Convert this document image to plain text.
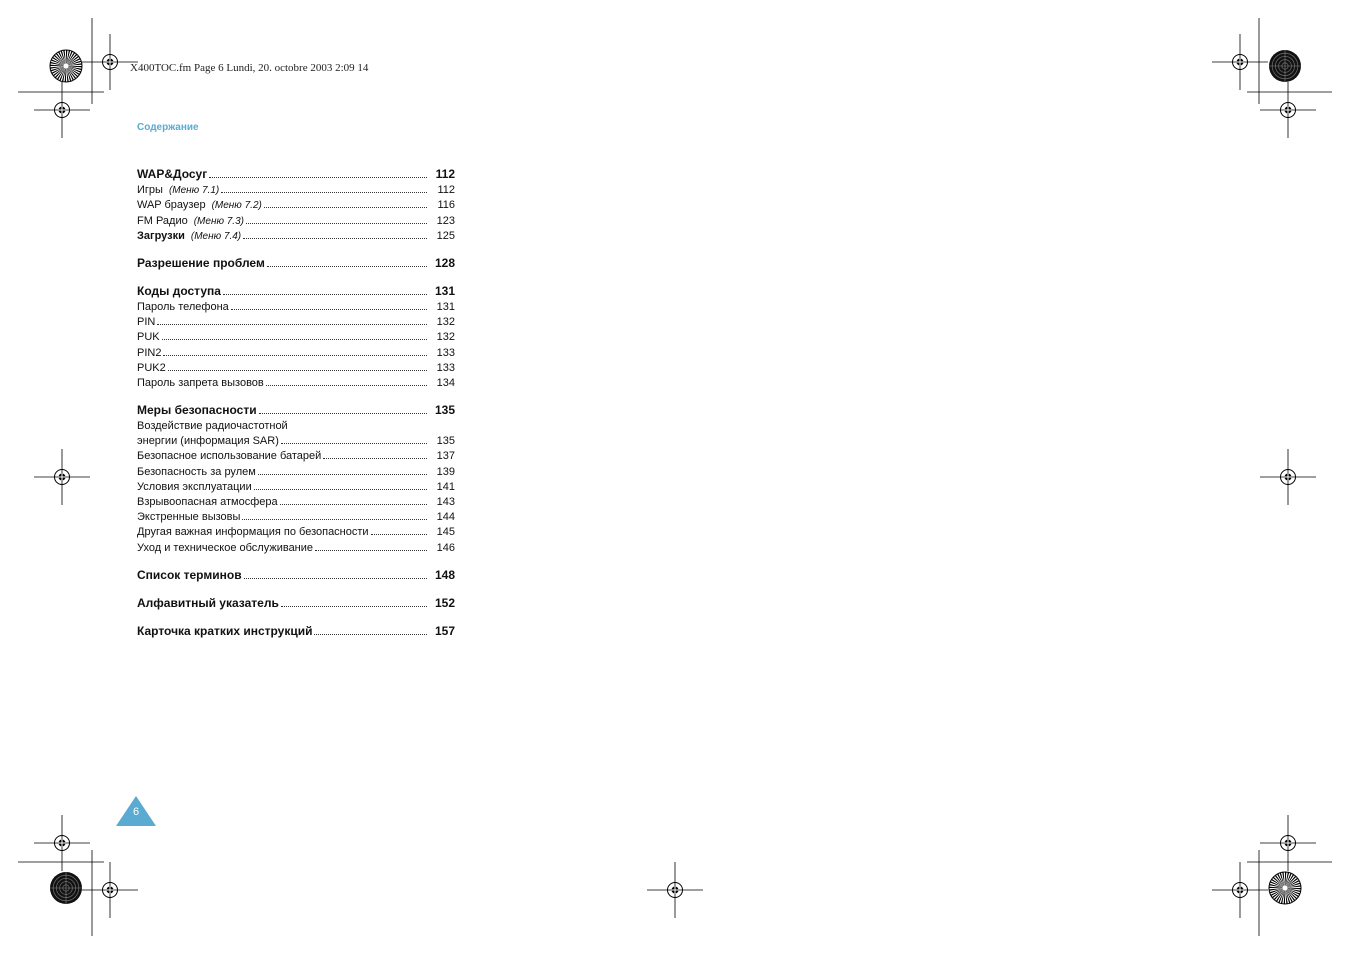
X400TOC.fm Page 6 Lundi, 20. octobre 2003 2:09 14
Содержание
WAP&Досуг	112
Игры (Меню 7.1)	112
WAP браузер (Меню 7.2)	116
FM Радио (Меню 7.3)	123
Загрузки (Меню 7.4)	125
Разрешение проблем	128
Коды доступа	131
Пароль телефона	131
PIN	132
PUK	132
PIN2	133
PUK2	133
Пароль запрета вызовов	134
Меры безопасности	135
Воздействие радиочастотной
энергии (информация SAR)	135
Безопасное использование батарей	137
Безопасность за рулем	139
Условия эксплуатации	141
Взрывоопасная атмосфера	143
Экстренные вызовы	144
Другая важная информация по безопасности	145
Уход и техническое обслуживание	146
Список терминов	148
Алфавитный указатель	152
Карточка кратких инструкций	157
6
